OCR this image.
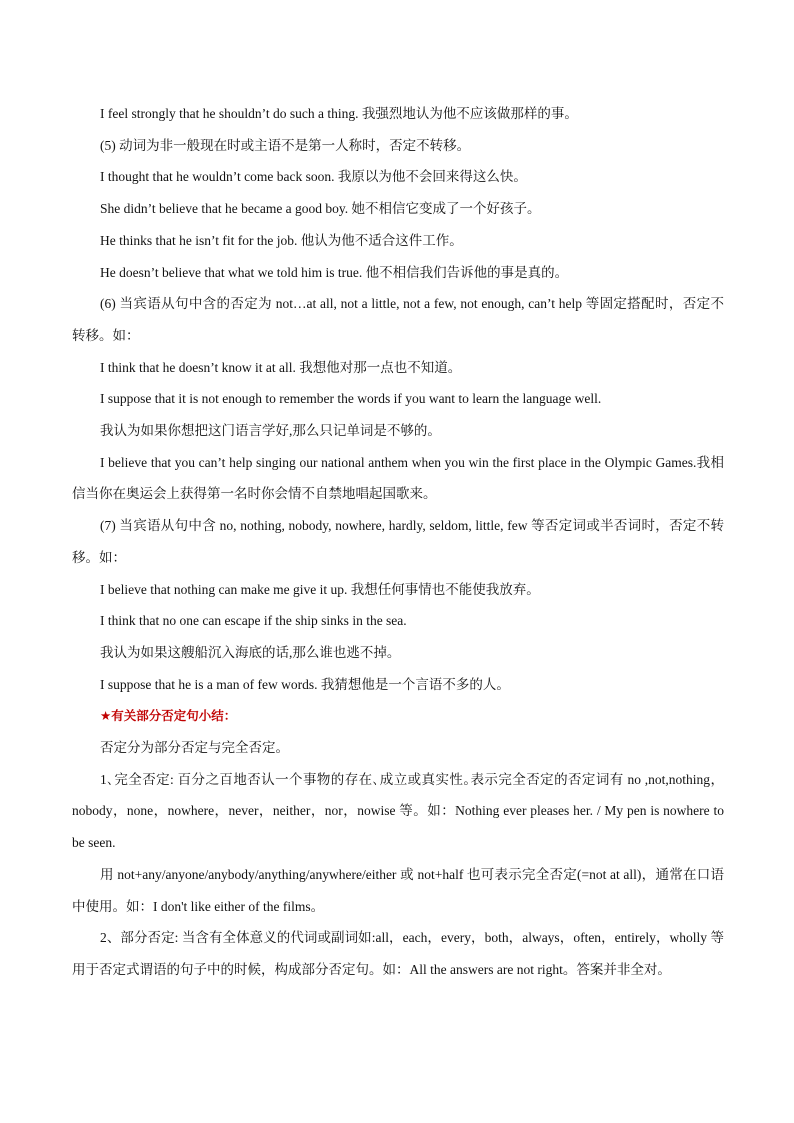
I feel strongly that he shouldn’t do such a thing. 我强烈地认为他不应该做那样的事。

(5) 动词为非一般现在时或主语不是第一人称时，否定不转移。

I thought that he wouldn’t come back soon. 我原以为他不会回来得这么快。

She didn’t believe that he became a good boy. 她不相信它变成了一个好孩子。

He thinks that he isn’t fit for the job. 他认为他不适合这件工作。

He doesn’t believe that what we told him is true. 他不相信我们告诉他的事是真的。

(6) 当宾语从句中含的否定为 not…at all, not a little, not a few, not enough, can’t help 等固定搭配时，否定不转移。如：

I think that he doesn’t know it at all. 我想他对那一点也不知道。

I suppose that it is not enough to remember the words if you want to learn the language well.

我认为如果你想把这门语言学好,那么只记单词是不够的。

I believe that you can’t help singing our national anthem when you win the first place in the Olympic Games.我相信当你在奥运会上获得第一名时你会情不自禁地唱起国歌来。

(7) 当宾语从句中含 no, nothing, nobody, nowhere, hardly, seldom, little, few 等否定词或半否词时，否定不转移。如：

I believe that nothing can make me give it up. 我想任何事情也不能使我放弃。

I think that no one can escape if the ship sinks in the sea.

我认为如果这艘船沉入海底的话,那么谁也逃不掉。

I suppose that he is a man of few words. 我猜想他是一个言语不多的人。

★有关部分否定句小结：

否定分为部分否定与完全否定。

1､完全否定: 百分之百地否认一个事物的存在､成立或真实性｡表示完全否定的否定词有 no ,not,nothing，nobody，none，nowhere，never，neither，nor，nowise 等。如：Nothing ever pleases her. / My pen is nowhere to be seen.

用 not+any/anyone/anybody/anything/anywhere/either 或 not+half 也可表示完全否定(=not at all)，通常在口语中使用。如：I don't like either of the films。

2、部分否定: 当含有全体意义的代词或副词如:all，each，every，both，always，often，entirely，wholly 等用于否定式谓语的句子中的时候，构成部分否定句。如：All the answers are not right。答案并非全对。
